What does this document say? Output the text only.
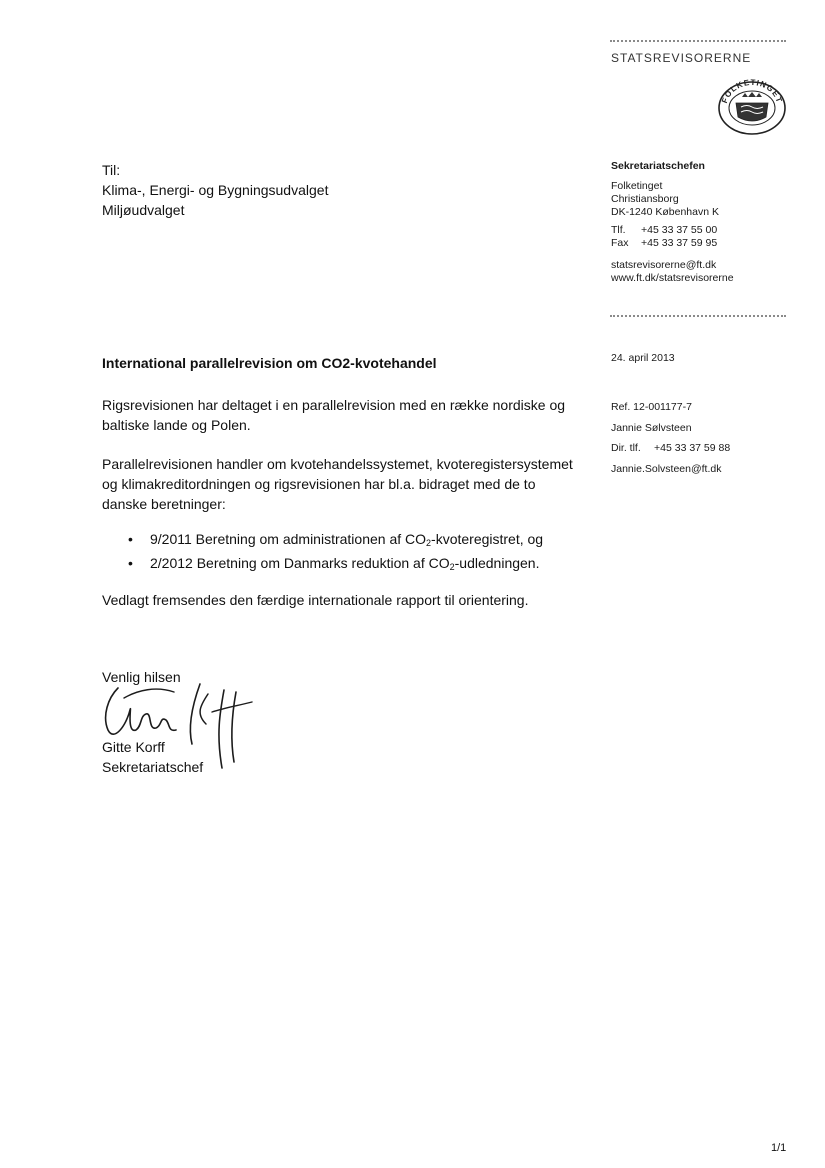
STATSREVISORERNE
FOLKETINGET
Sekretariatschefen
Folketinget
Christiansborg
DK-1240 København K
Tlf.	+45 33 37 55 00
Fax	+45 33 37 59 95
statsrevisorerne@ft.dk
www.ft.dk/statsrevisorerne
24. april 2013
Ref. 12-001177-7
Jannie Sølvsteen
Dir. tlf.	+45 33 37 59 88
Jannie.Solvsteen@ft.dk
Til:
Klima-, Energi- og Bygningsudvalget
Miljøudvalget
International parallelrevision om CO2-kvotehandel
Rigsrevisionen har deltaget i en parallelrevision med en række nordiske og baltiske lande og Polen.
Parallelrevisionen handler om kvotehandelssystemet, kvoteregistersystemet og klimakreditordningen og rigsrevisionen har bl.a. bidraget med de to danske beretninger:
•	9/2011 Beretning om administrationen af $CO_2$-kvoteregistret, og
•	2/2012 Beretning om Danmarks reduktion af $CO_2$-udledningen.
Vedlagt fremsendes den færdige internationale rapport til orientering.
Venlig hilsen
Gitte Korff
Sekretariatschef
1/1
